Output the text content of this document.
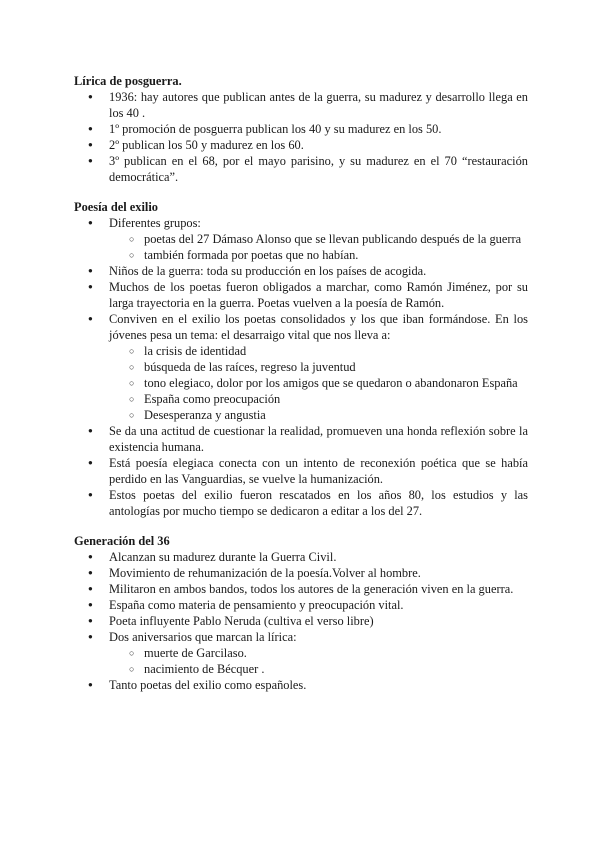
Lírica de posguerra.

● 1936: hay autores que publican antes de la guerra, su madurez y desarrollo llega en los 40 .
● 1º promoción de posguerra publican los 40 y su madurez en los 50.
● 2º publican los 50 y madurez en los 60.
● 3º publican en el 68, por el mayo parisino, y su madurez en el 70 “restauración democrática”.

Poesía del exilio

● Diferentes grupos:
○ poetas del 27 Dámaso Alonso que se llevan publicando después de la guerra
○ también formada por poetas que no habían.
● Niños de la guerra: toda su producción en los países de acogida.
● Muchos de los poetas fueron obligados a marchar, como Ramón Jiménez, por su larga trayectoria en la guerra. Poetas vuelven a la poesía de Ramón.
● Conviven en el exilio los poetas consolidados y los que iban formándose. En los jóvenes pesa un tema: el desarraigo vital que nos lleva a:
○ la crisis de identidad
○ búsqueda de las raíces, regreso la juventud
○ tono elegiaco, dolor por los amigos que se quedaron o abandonaron España
○ España como preocupación
○ Desesperanza y angustia
● Se da una actitud de cuestionar la realidad, promueven una honda reflexión sobre la existencia humana.
● Está poesía elegiaca conecta con un intento de reconexión poética que se había perdido en las Vanguardias, se vuelve la humanización.
● Estos poetas del exilio fueron rescatados en los años 80, los estudios y las antologías por mucho tiempo se dedicaron a editar a los del 27.

Generación del 36

● Alcanzan su madurez durante la Guerra Civil.
● Movimiento de rehumanización de la poesía.Volver al hombre.
● Militaron en ambos bandos, todos los autores de la generación viven en la guerra.
● España como materia de pensamiento y preocupación vital.
● Poeta influyente Pablo Neruda (cultiva el verso libre)
● Dos aniversarios que marcan la lírica:
○ muerte de Garcilaso.
○ nacimiento de Bécquer .
● Tanto poetas del exilio como españoles.
